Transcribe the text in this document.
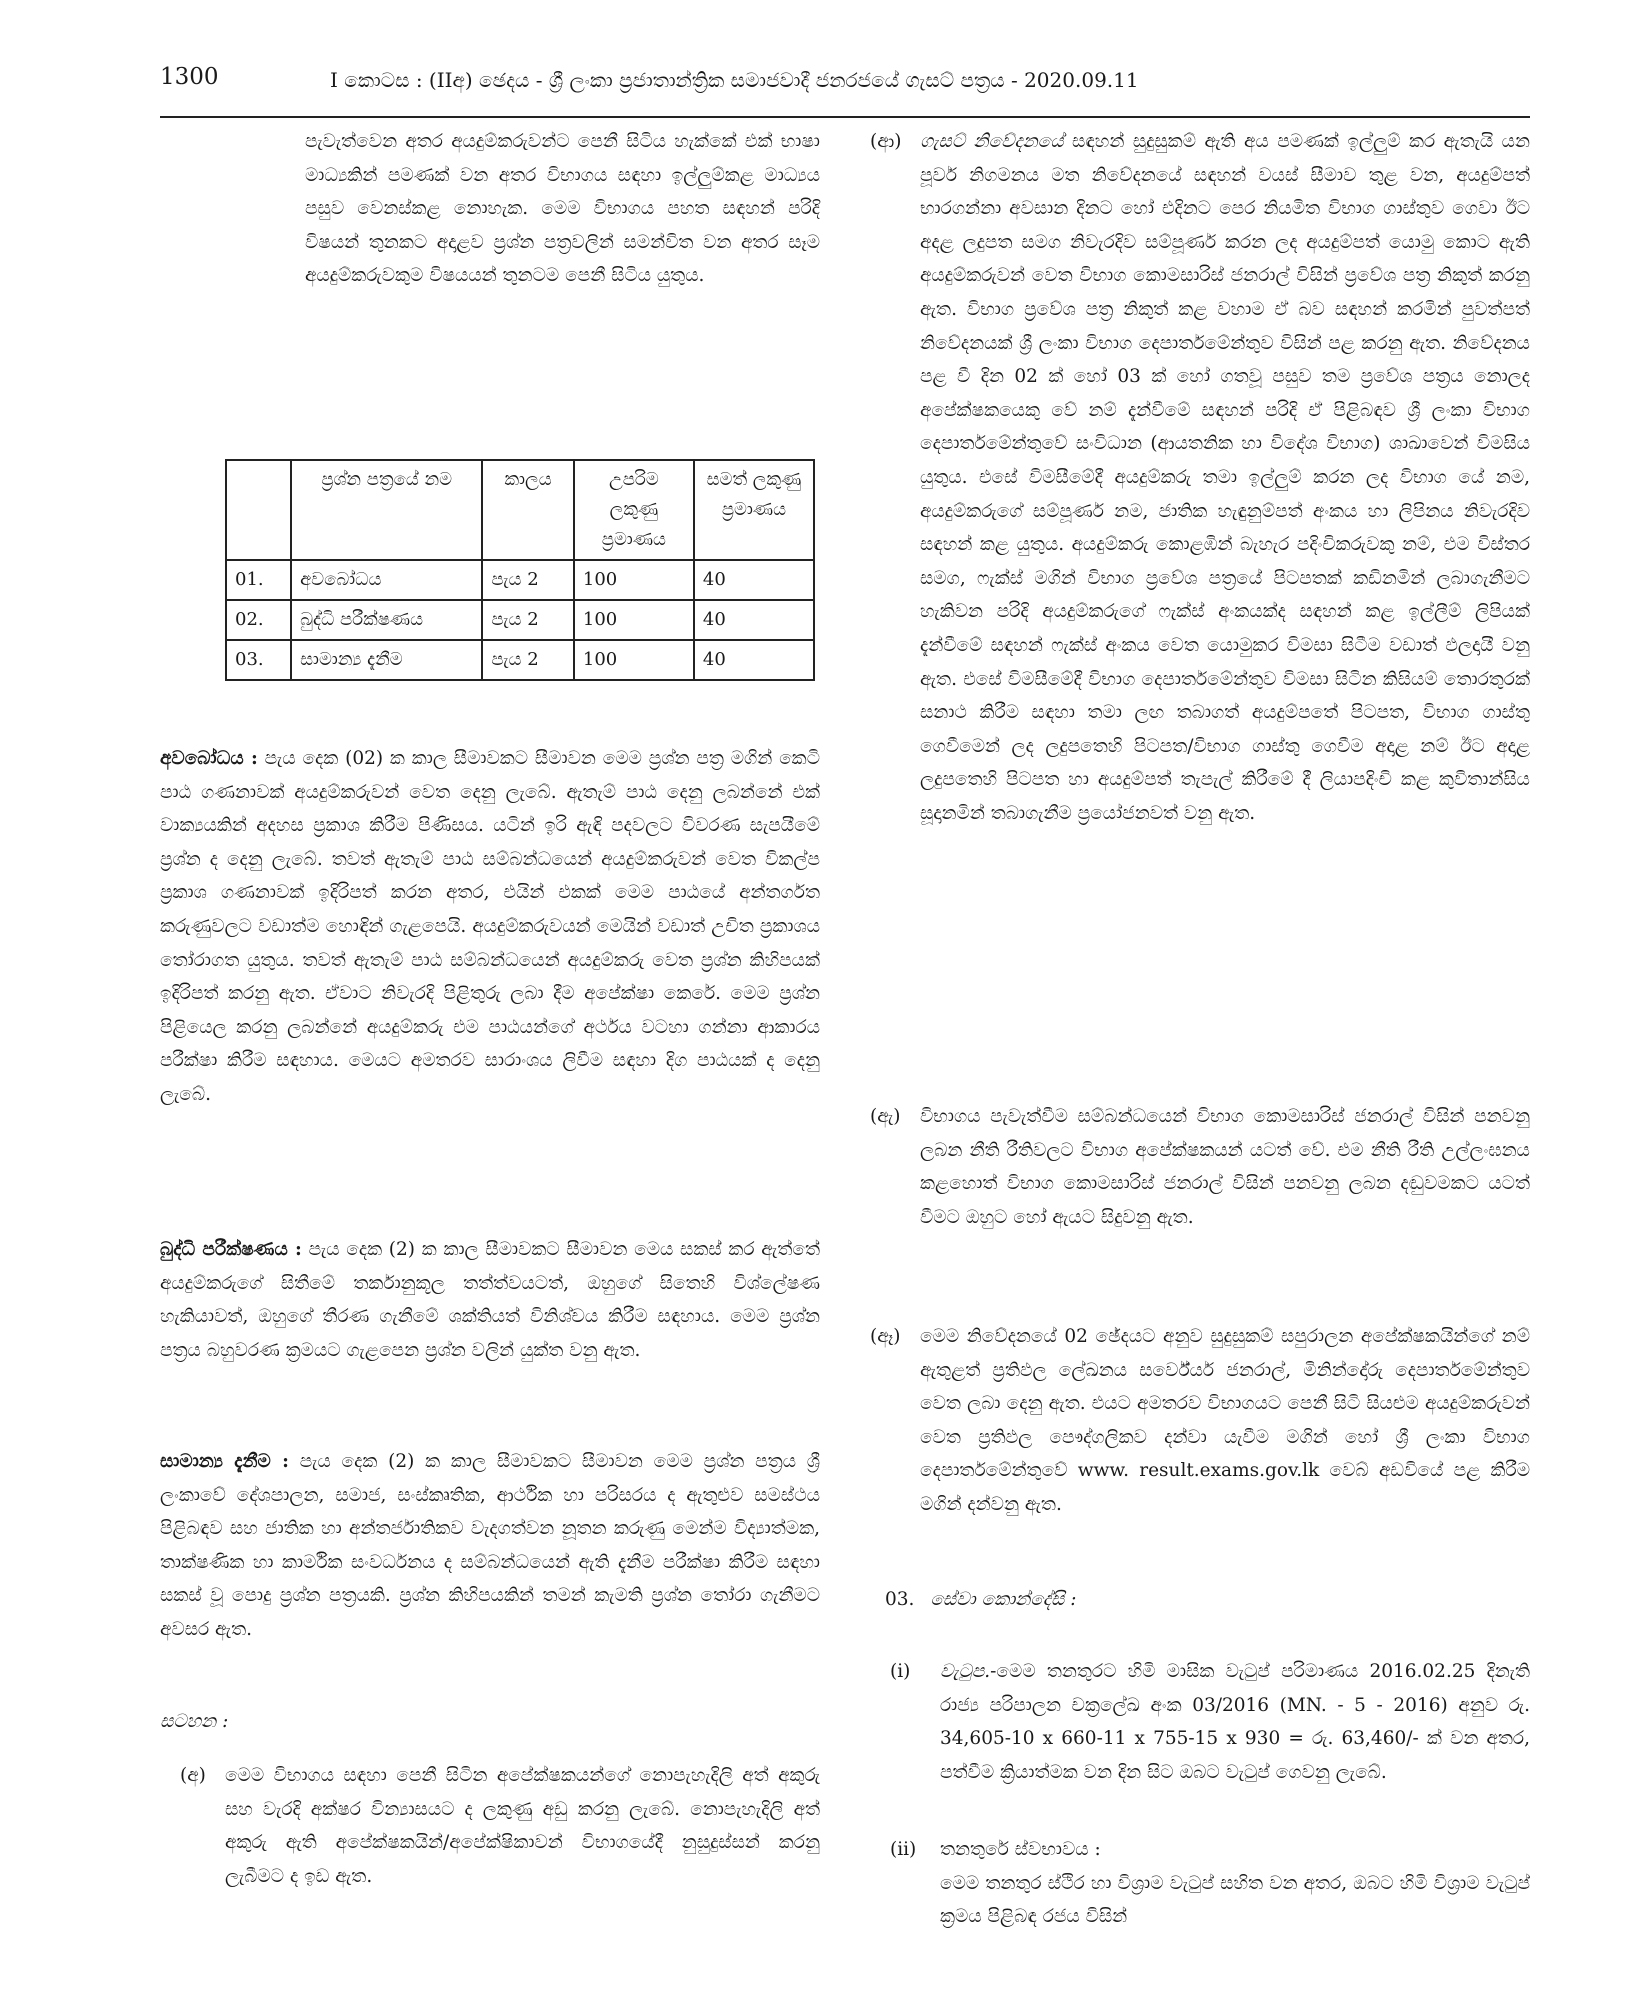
1300	I කොටස : (IIඅ) ඡෙදය - ශ්‍රී ලංකා ප්‍රජාතාන්ත්‍රික සමාජවාදී ජනරජයේ ගැසට් පත්‍රය - 2020.09.11

පැවැත්වෙන අතර අයදුම්කරුවන්ට පෙනී සිටිය හැක්කේ එක් භාෂා මාධ්‍යකින් පමණක් වන අතර විභාගය සඳහා ඉල්ලුම්කළ මාධ්‍යය පසුව වෙනස්කළ නොහැක. මෙම විභාගය පහත සඳහන් පරිදි විෂයන් තුනකට අදාළව ප්‍රශ්න පත්‍රවලින් සමන්විත වන අතර සෑම අයදුම්කරුවකුම විෂයයන් තුනටම පෙනී සිටිය යුතුය.

	ප්‍රශ්න පත්‍රයේ නම	කාලය	උපරිම ලකුණු ප්‍රමාණය	සමත් ලකුණු ප්‍රමාණය
01.	අවබෝධය	පැය 2	100	40
02.	බුද්ධි පරීක්ෂණය	පැය 2	100	40
03.	සාමාන්‍ය දැනීම	පැය 2	100	40

අවබෝධය : පැය දෙක (02) ක කාල සීමාවකට සීමාවන මෙම ප්‍රශ්න පත්‍ර මගින් කෙටි පාඨ ගණනාවක් අයදුම්කරුවන් වෙත දෙනු ලැබේ. ඇතැම් පාඨ දෙනු ලබන්නේ එක් වාක්‍යයකින් අදහස ප්‍රකාශ කිරීම පිණිසය. යටින් ඉරි ඇඳි පදවලට විවරණ සැපයීමේ ප්‍රශ්න ද දෙනු ලැබේ. තවත් ඇතැම් පාඨ සම්බන්ධයෙන් අයදුම්කරුවන් වෙත විකල්ප ප්‍රකාශ ගණනාවක් ඉදිරිපත් කරන අතර, එයින් එකක් මෙම පාඨයේ අන්තර්ගත කරුණුවලට වඩාත්ම හොඳින් ගැළපෙයි. අයදුම්කරුවයන් මෙයින් වඩාත් උචිත ප්‍රකාශය තෝරාගත යුතුය. තවත් ඇතැම් පාඨ සම්බන්ධයෙන් අයදුම්කරු වෙත ප්‍රශ්න කිහිපයක් ඉදිරිපත් කරනු ඇත. ඒවාට නිවැරදි පිළිතුරු ලබා දීම අපේක්ෂා කෙරේ. මෙම ප්‍රශ්න පිළියෙල කරනු ලබන්නේ අයදුම්කරු එම පාඨයන්ගේ අර්ථය වටහා ගන්නා ආකාරය පරීක්ෂා කිරීම සඳහාය. මෙයට අමතරව සාරාංශය ලිවීම සඳහා දිග පාඨයක් ද දෙනු ලැබේ.

බුද්ධි පරීක්ෂණය : පැය දෙක (2) ක කාල සීමාවකට සීමාවන මෙය සකස් කර ඇත්තේ අයදුම්කරුගේ සිතීමේ තර්කානුකූල තත්ත්වයටත්, ඔහුගේ සිතෙහි විශ්ලේෂණ හැකියාවත්, ඔහුගේ තීරණ ගැනීමේ ශක්තියත් විනිශ්චය කිරීම සඳහාය. මෙම ප්‍රශ්න පත්‍රය බහුවරණ ක්‍රමයට ගැළපෙන ප්‍රශ්න වලින් යුක්ත වනු ඇත.

සාමාන්‍ය දැනීම : පැය දෙක (2) ක කාල සීමාවකට සීමාවන මෙම ප්‍රශ්න පත්‍රය ශ්‍රී ලංකාවේ දේශපාලන, සමාජ, සංස්කෘතික, ආර්ථික හා පරිසරය ද ඇතුළුව සමස්ථය පිළිබඳව සහ ජාතික හා අන්තර්ජාතිකව වැදගත්වන නූතන කරුණු මෙන්ම විද්‍යාත්මක, තාක්ෂණික හා කාර්මික සංවර්ධනය ද සම්බන්ධයෙන් ඇති දැනීම පරීක්ෂා කිරීම සඳහා සකස් වූ පොදු ප්‍රශ්න පත්‍රයකි. ප්‍රශ්න කිහිපයකින් තමන් කැමති ප්‍රශ්න තෝරා ගැනීමට අවසර ඇත.

සටහන :

(අ) මෙම විභාගය සඳහා පෙනී සිටින අපේක්ෂකයන්ගේ නොපැහැදිලි අත් අකුරු සහ වැරදි අක්ෂර වින්‍යාසයට ද ලකුණු අඩු කරනු ලැබේ. නොපැහැදිලි අත් අකුරු ඇති අපේක්ෂකයින්/අපේක්ෂිකාවන් විභාගයේදී නුසුදුස්සන් කරනු ලැබීමට ද ඉඩ ඇත.

(ආ) ගැසට් නිවේදනයේ සඳහන් සුදුසුකම් ඇති අය පමණක් ඉල්ලුම් කර ඇතැයි යන පූර්ව නිගමනය මත නිවේදනයේ සඳහන් වයස් සීමාව තුළ වන, අයදුම්පත් භාරගන්නා අවසාන දිනට හෝ එදිනට පෙර නියමිත විභාග ගාස්තුව ගෙවා ඊට අදළ ලදුපත සමග නිවැරදිව සම්පූර්ණ කරන ලද අයදුම්පත් යොමු කොට ඇති අයදුම්කරුවන් වෙත විභාග කොමසාරිස් ජනරාල් විසින් ප්‍රවේශ පත්‍ර නිකුත් කරනු ඇත. විභාග ප්‍රවේශ පත්‍ර නිකුත් කළ වහාම ඒ බව සඳහන් කරමින් පුවත්පත් නිවේදනයක් ශ්‍රී ලංකා විභාග දෙපාර්තමේන්තුව විසින් පළ කරනු ඇත. නිවේදනය පළ වී දින 02 ක් හෝ 03 ක් හෝ ගතවූ පසුව තම ප්‍රවේශ පත්‍රය නොලද අපේක්ෂකයෙකු වේ නම් දැන්වීමේ සඳහන් පරිදි ඒ පිළිබඳව ශ්‍රී ලංකා විභාග දෙපාර්තමේන්තුවේ සංවිධාන (ආයතනික හා විදේශ විභාග) ශාඛාවෙන් විමසිය යුතුය. එසේ විමසීමේදී අයදුම්කරු තමා ඉල්ලුම් කරන ලද විභාග යේ නම, අයදුම්කරුගේ සම්පූර්ණ නම, ජාතික හැඳුනුම්පත් අංකය හා ලිපිනය නිවැරදිව සඳහන් කළ යුතුය. අයදුම්කරු කොළඹින් බැහැර පදිංචිකරුවකු නම්, එම විස්තර සමග, ෆැක්ස් මගින් විභාග ප්‍රවේශ පත්‍රයේ පිටපතක් කඩිනමින් ලබාගැනීමට හැකිවන පරිදි අයදුම්කරුගේ ෆැක්ස් අංකයක්ද සඳහන් කළ ඉල්ලීම් ලිපියක් දැන්වීමේ සඳහන් ෆැක්ස් අංකය වෙත යොමුකර විමසා සිටීම වඩාත් ඵලදායී වනු ඇත. එසේ විමසීමේදී විභාග දෙපාර්තමේන්තුව විමසා සිටින කිසියම් තොරතුරක් සනාථ කිරීම සඳහා තමා ලඟ තබාගත් අයදුම්පතේ පිටපත, විභාග ගාස්තු ගෙවීමෙන් ලද ලදුපතෙහි පිටපත/විභාග ගාස්තු ගෙවීම අදාළ නම් ඊට අදාළ ලදුපතෙහි පිටපත හා අයදුම්පත් තැපැල් කිරීමේ දී ලියාපදිංචි කළ කුවිතාන්සිය සූදානමින් තබාගැනීම ප්‍රයෝජනවත් වනු ඇත.

(ඇ) විභාගය පැවැත්වීම සම්බන්ධයෙන් විභාග කොමසාරිස් ජනරාල් විසින් පනවනු ලබන නීති රීතිවලට විභාග අපේක්ෂකයන් යටත් වේ. එම නීති රීති උල්ලංඝනය කළහොත් විභාග කොමසාරිස් ජනරාල් විසින් පනවනු ලබන දඬුවමකට යටත් වීමට ඔහුට හෝ ඇයට සිදුවනු ඇත.

(ඈ) මෙම නිවේදනයේ 02 ඡේදයට අනුව සුදුසුකම් සපුරාලන අපේක්ෂකයින්ගේ නම් ඇතුළත් ප්‍රතිඵල ලේඛනය සර්වේයර් ජනරාල්, මිනින්දෝරු දෙපාර්තමේන්තුව වෙත ලබා දෙනු ඇත. එයට අමතරව විභාගයට පෙනී සිටි සියළුම අයදුම්කරුවන් වෙත ප්‍රතිඵල පෞද්ගලිකව දන්වා යැවීම මගින් හෝ ශ්‍රී ලංකා විභාග දෙපාර්තමේන්තුවේ www. result.exams.gov.lk වෙබ් අඩවියේ පළ කිරීම මගින් දන්වනු ඇත.

03. සේවා කොන්දේසි :
(i) වැටුප.-මෙම තනතුරට හිමි මාසික වැටුප් පරිමාණය 2016.02.25 දිනැති රාජ්‍ය පරිපාලන චක්‍රලේඛ අංක 03/2016 (MN. - 5 - 2016) අනුව රු. 34,605-10 x 660-11 x 755-15 x 930 = රු. 63,460/- ක් වන අතර, පත්වීම ක්‍රියාත්මක වන දින සිට ඔබට වැටුප් ගෙවනු ලැබේ.

(ii) තනතුරේ ස්වභාවය :
මෙම තනතුර ස්ථිර හා විශ්‍රාම වැටුප් සහිත වන අතර, ඔබට හිමි විශ්‍රාම වැටුප් ක්‍රමය පිළිබඳ රජය විසින්
